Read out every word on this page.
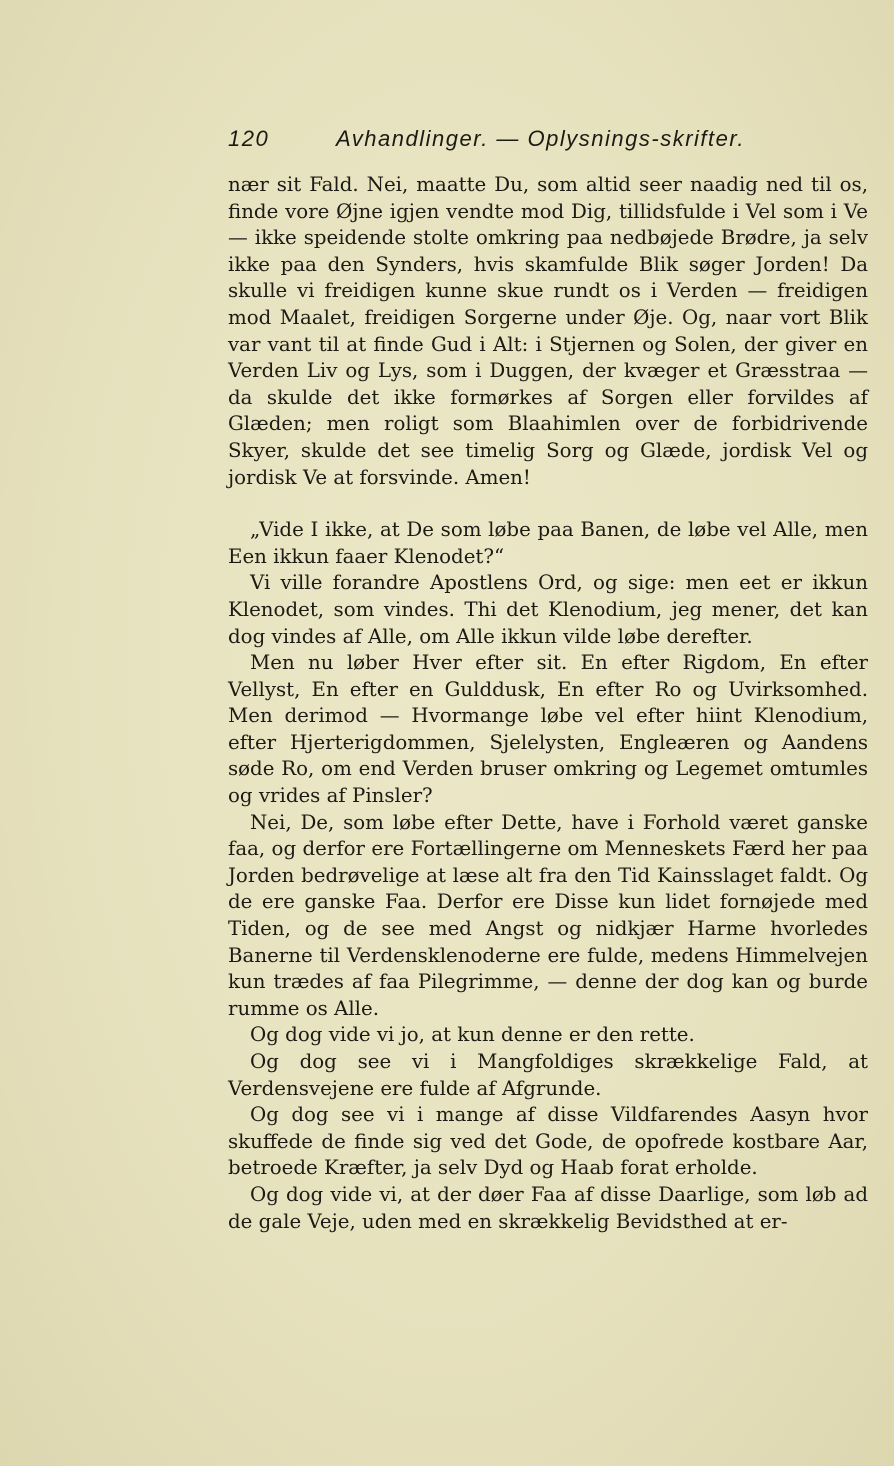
120	Avhandlinger. — Oplysnings-skrifter.

nær sit Fald. Nei, maatte Du, som altid seer naadig ned til os, finde vore Øjne igjen vendte mod Dig, tillidsfulde i Vel som i Ve — ikke speidende stolte omkring paa nedbøjede Brødre, ja selv ikke paa den Synders, hvis skamfulde Blik søger Jorden! Da skulle vi freidigen kunne skue rundt os i Verden — freidigen mod Maalet, freidigen Sorgerne under Øje. Og, naar vort Blik var vant til at finde Gud i Alt: i Stjernen og Solen, der giver en Verden Liv og Lys, som i Duggen, der kvæger et Græsstraa — da skulde det ikke formørkes af Sorgen eller forvildes af Glæden; men roligt som Blaahimlen over de forbidrivende Skyer, skulde det see timelig Sorg og Glæde, jordisk Vel og jordisk Ve at forsvinde. Amen!

„Vide I ikke, at De som løbe paa Banen, de løbe vel Alle, men Een ikkun faaer Klenodet?“

Vi ville forandre Apostlens Ord, og sige: men eet er ikkun Klenodet, som vindes. Thi det Klenodium, jeg mener, det kan dog vindes af Alle, om Alle ikkun vilde løbe derefter.

Men nu løber Hver efter sit. En efter Rigdom, En efter Vellyst, En efter en Gulddusk, En efter Ro og Uvirksomhed. Men derimod — Hvormange løbe vel efter hiint Klenodium, efter Hjerterigdommen, Sjelelysten, Engleæren og Aandens søde Ro, om end Verden bruser omkring og Legemet omtumles og vrides af Pinsler?

Nei, De, som løbe efter Dette, have i Forhold været ganske faa, og derfor ere Fortællingerne om Menneskets Færd her paa Jorden bedrøvelige at læse alt fra den Tid Kainsslaget faldt. Og de ere ganske Faa. Derfor ere Disse kun lidet fornøjede med Tiden, og de see med Angst og nidkjær Harme hvorledes Banerne til Verdensklenoderne ere fulde, medens Himmelvejen kun trædes af faa Pilegrimme, — denne der dog kan og burde rumme os Alle.

Og dog vide vi jo, at kun denne er den rette.

Og dog see vi i Mangfoldiges skrækkelige Fald, at Verdensvejene ere fulde af Afgrunde.

Og dog see vi i mange af disse Vildfarendes Aasyn hvor skuffede de finde sig ved det Gode, de opofrede kostbare Aar, betroede Kræfter, ja selv Dyd og Haab forat erholde.

Og dog vide vi, at der døer Faa af disse Daarlige, som løb ad de gale Veje, uden med en skrækkelig Bevidsthed at er-
